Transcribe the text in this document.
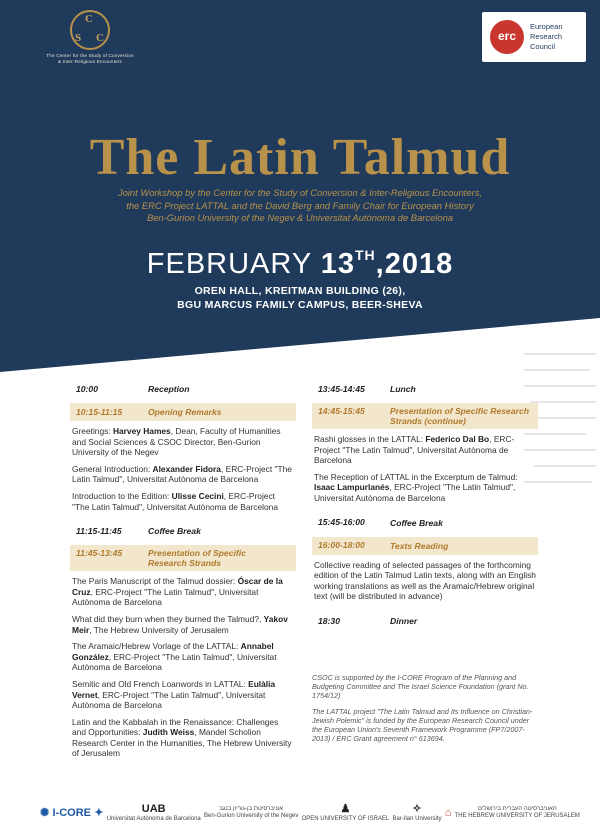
C
S C
The Center for the Study of Conversion
& Inter-Religious Encounters
erc
European
Research
Council
The Latin Talmud
Joint Workshop by the Center for the Study of Conversion & Inter-Religious Encounters,
the ERC Project LATTAL and the David Berg and Family Chair for European History
Ben-Gurion University of the Negev & Universitat Autònoma de Barcelona
FEBRUARY 13TH,2018
OREN HALL, KREITMAN BUILDING (26),
BGU MARCUS FAMILY CAMPUS, BEER-SHEVA
10:00	Reception
10:15-11:15	Opening Remarks
Greetings: Harvey Hames, Dean, Faculty of Humanities and Social Sciences & CSOC Director, Ben-Gurion University of the Negev
General Introduction: Alexander Fidora, ERC-Project "The Latin Talmud", Universitat Autònoma de Barcelona
Introduction to the Edition: Ulisse Cecini, ERC-Project "The Latin Talmud", Universitat Autònoma de Barcelona
11:15-11:45	Coffee Break
11:45-13:45	Presentation of Specific
Research Strands
The Paris Manuscript of the Talmud dossier: Óscar de la Cruz, ERC-Project "The Latin Talmud", Universitat Autònoma de Barcelona
What did they burn when they burned the Talmud?, Yakov Meir, The Hebrew University of Jerusalem
The Aramaic/Hebrew Vorlage of the LATTAL: Annabel González, ERC-Project "The Latin Talmud", Universitat Autònoma de Barcelona
Semitic and Old French Loanwords in LATTAL: Eulàlia Vernet, ERC-Project "The Latin Talmud", Universitat Autònoma de Barcelona
Latin and the Kabbalah in the Renaissance: Challenges and Opportunities: Judith Weiss, Mandel Scholion Research Center in the Humanities, The Hebrew University of Jerusalem
13:45-14:45	Lunch
14:45-15:45	Presentation of Specific Research
Strands (continue)
Rashi glosses in the LATTAL: Federico Dal Bo, ERC-Project "The Latin Talmud", Universitat Autònoma de Barcelona
The Reception of LATTAL in the Excerptum de Talmud: Isaac Lampurlanés, ERC-Project "The Latin Talmud", Universitat Autònoma de Barcelona
15:45-16:00	Coffee Break
16:00-18:00	Texts Reading
Collective reading of selected passages of the forthcoming edition of the Latin Talmud Latin texts, along with an English working translations as well as the Aramaic/Hebrew original text (will be distributed in advance)
18:30	Dinner

CSOC is supported by the I-CORE Program of the Planning and Budgeting Committee and The Israel Science Foundation (grant No. 1754/12)

The LATTAL project "The Latin Talmud and Its Influence on Christian-Jewish Polemic" is funded by the European Research Council under the European Union's Seventh Framework Programme (FP7/2007-2013) / ERC Grant agreement n° 613694.

✺ I-CORE ✦	UAB
Universitat Autònoma de Barcelona
אוניברסיטת בן-גוריון בנגב
Ben-Gurion University of the Negev
♟
OPEN UNIVERSITY OF ISRAEL
✧
Bar-Ilan University
⌂	האוניברסיטה העברית בירושלים
THE HEBREW UNIVERSITY OF JERUSALEM
